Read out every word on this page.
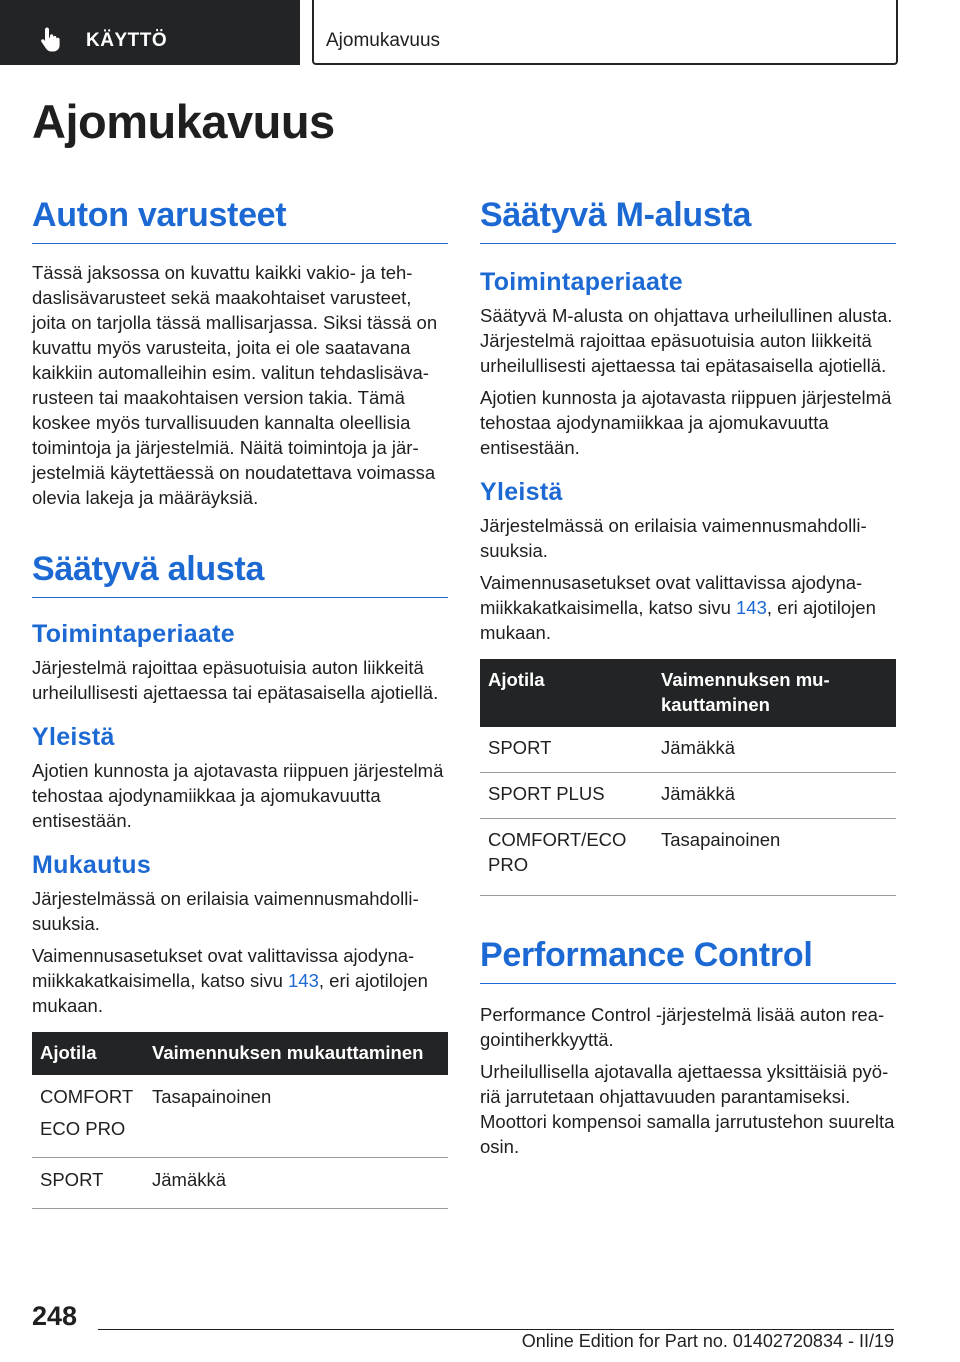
KÄYTTÖ	Ajomukavuus
Ajomukavuus
Auton varusteet

Tässä jaksossa on kuvattu kaikki vakio- ja tehdaslisävarusteet sekä maakohtaiset varusteet, joita on tarjolla tässä mallisarjassa. Siksi tässä on kuvattu myös varusteita, joita ei ole saatavana kaikkiin automalleihin esim. valitun tehdaslisävarusteen tai maakohtaisen version takia. Tämä koskee myös turvallisuuden kannalta oleellisia toimintoja ja järjestelmiä. Näitä toimintoja ja järjestelmiä käytettäessä on noudatettava voimassa olevia lakeja ja määräyksiä.

Säätyvä alusta
Toimintaperiaate

Järjestelmä rajoittaa epäsuotuisia auton liikkeitä urheilullisesti ajettaessa tai epätasaisella ajotiellä.

Yleistä

Ajotien kunnosta ja ajotavasta riippuen järjestelmä tehostaa ajodynamiikkaa ja ajomukavuutta entisestään.

Mukautus

Järjestelmässä on erilaisia vaimennusmahdollisuuksia.

Vaimennusasetukset ovat valittavissa ajodynamiikkakatkaisimella, katso sivu 143, eri ajotilojen mukaan.

Ajotila	Vaimennuksen mukauttaminen
COMFORT
ECO PRO	Tasapainoinen
SPORT	Jämäkkä
Säätyvä M-alusta
Toimintaperiaate

Säätyvä M-alusta on ohjattava urheilullinen alusta. Järjestelmä rajoittaa epäsuotuisia auton liikkeitä urheilullisesti ajettaessa tai epätasaisella ajotiellä.

Ajotien kunnosta ja ajotavasta riippuen järjestelmä tehostaa ajodynamiikkaa ja ajomukavuutta entisestään.

Yleistä

Järjestelmässä on erilaisia vaimennusmahdollisuuksia.

Vaimennusasetukset ovat valittavissa ajodynamiikkakatkaisimella, katso sivu 143, eri ajotilojen mukaan.

Ajotila	Vaimennuksen mukauttaminen
SPORT	Jämäkkä
SPORT PLUS	Jämäkkä
COMFORT/ECO PRO	Tasapainoinen
Performance Control

Performance Control -järjestelmä lisää auton reagointiherkkyyttä.

Urheilullisella ajotavalla ajettaessa yksittäisiä pyöriä jarrutetaan ohjattavuuden parantamiseksi. Moottori kompensoi samalla jarrutustehon suurelta osin.

248
Online Edition for Part no. 01402720834 - II/19
